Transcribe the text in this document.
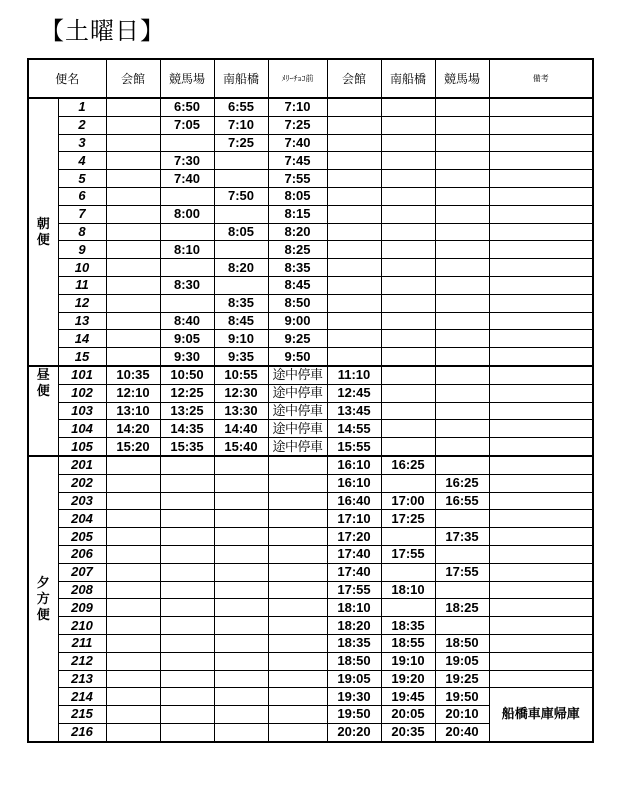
【土曜日】
便名		会館	競馬場	南船橋	ﾒﾘｰﾁｮｺ前	会館	南船橋	競馬場	備考

朝
便	1		6:50	6:55	7:10				
	2		7:05	7:10	7:25				
	3			7:25	7:40				
	4		7:30		7:45				
	5		7:40		7:55				
	6			7:50	8:05				
	7		8:00		8:15				
	8			8:05	8:20				
	9		8:10		8:25				
	10			8:20	8:35				
	11		8:30		8:45				
	12			8:35	8:50				
	13		8:40	8:45	9:00				
	14		9:05	9:10	9:25				
	15		9:30	9:35	9:50				

昼
便	101	10:35	10:50	10:55	途中停車	11:10			
	102	12:10	12:25	12:30	途中停車	12:45			
	103	13:10	13:25	13:30	途中停車	13:45			
	104	14:20	14:35	14:40	途中停車	14:55			
	105	15:20	15:35	15:40	途中停車	15:55			

夕
方
便	201					16:10	16:25		
	202					16:10		16:25	
	203					16:40	17:00	16:55	
	204					17:10	17:25		
	205					17:20		17:35	
	206					17:40	17:55		
	207					17:40		17:55	
	208					17:55	18:10		
	209					18:10		18:25	
	210					18:20	18:35		
	211					18:35	18:55	18:50	
	212					18:50	19:10	19:05	
	213					19:05	19:20	19:25	
	214					19:30	19:45	19:50	船橋車庫帰庫
	215					19:50	20:05	20:10	
	216					20:20	20:35	20:40	
